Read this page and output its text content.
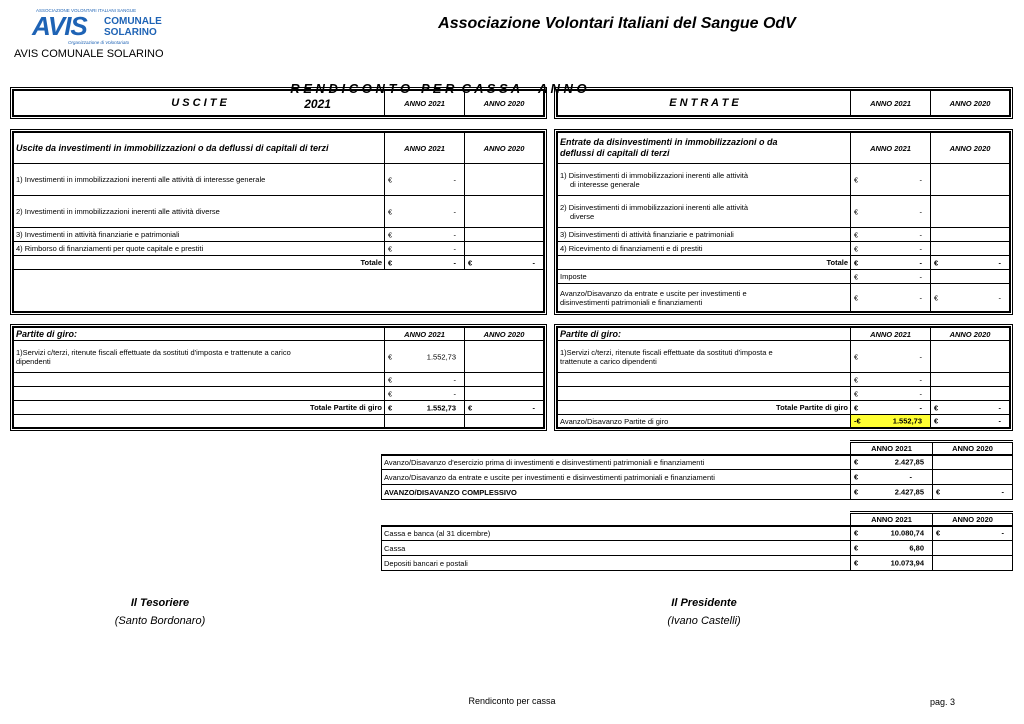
ASSOCIAZIONE VOLONTARI ITALIANI SANGUE
AVIS COMUNALE
SOLARINO
Organizzazione di Volontariato
AVIS COMUNALE SOLARINO
Associazione Volontari Italiani del Sangue OdV

R E N D I C O N T O   P E R  C A S S A  -  A N N O
2021

U S C I T E	ANNO 2021	ANNO 2020	E N T R A T E	ANNO 2021	ANNO 2020
Uscite da investimenti in immobilizzazioni o da deflussi di capitali di terzi	ANNO 2021	ANNO 2020
1) Investimenti in immobilizzazioni inerenti alle attività di interesse generale	€ -	

2) Investimenti in immobilizzazioni inerenti alle attività diverse	€ -	

3) Investimenti in attività finanziarie e patrimoniali	€ -	

4) Rimborso di finanziamenti per quote capitale e prestiti	€ -	

Totale	€ -	€ -

Entrate da disinvestimenti in immobilizzazioni o da
deflussi di capitali di terzi	ANNO 2021	ANNO 2020
1) Disinvestimenti di immobilizzazioni inerenti alle attività
di interesse generale	€ -	

2) Disinvestimenti di immobilizzazioni inerenti alle attività
diverse	€ -	

3) Disinvestimenti di attività finanziarie e patrimoniali	€ -	

4) Ricevimento di finanziamenti e di prestiti	€ -	

Totale	€ -	€ -

Imposte	€ -	

Avanzo/Disavanzo da entrate e uscite per investimenti e
disinvestimenti patrimoniali e finanziamenti	€ -	€ -
Partite di giro:	ANNO 2021	ANNO 2020
1)Servizi c/terzi, ritenute fiscali effettuate da sostituti d'imposta e trattenute a carico
dipendenti	€ 1.552,73	

	€ -	

	€ -	

Totale Partite di giro	€ 1.552,73	€ -

Partite di giro:	ANNO 2021	ANNO 2020
1)Servizi c/terzi, ritenute fiscali effettuate da sostituti d'imposta e
trattenute a carico dipendenti	€ -	

	€ -	

	€ -	

Totale Partite di giro	€ -	€ -

Avanzo/Disavanzo Partite di giro	-€ 1.552,73	€ -
	ANNO 2021	ANNO 2020
Avanzo/Disavanzo d'esercizio prima di investimenti e disinvestimenti patrimoniali e finanziamenti	€ 2.427,85	

Avanzo/Disavanzo da entrate e uscite per investimenti e disinvestimenti patrimoniali e finanziamenti	€ -	

AVANZO/DISAVANZO COMPLESSIVO	€ 2.427,85	€ -
	ANNO 2021	ANNO 2020
Cassa e banca (al 31 dicembre)	€ 10.080,74	€ -

Cassa	€ 6,80	

Depositi bancari e postali	€ 10.073,94	

Il Tesoriere
(Santo Bordonaro)
Il Presidente
(Ivano Castelli)
Rendiconto per cassa	pag. 3
